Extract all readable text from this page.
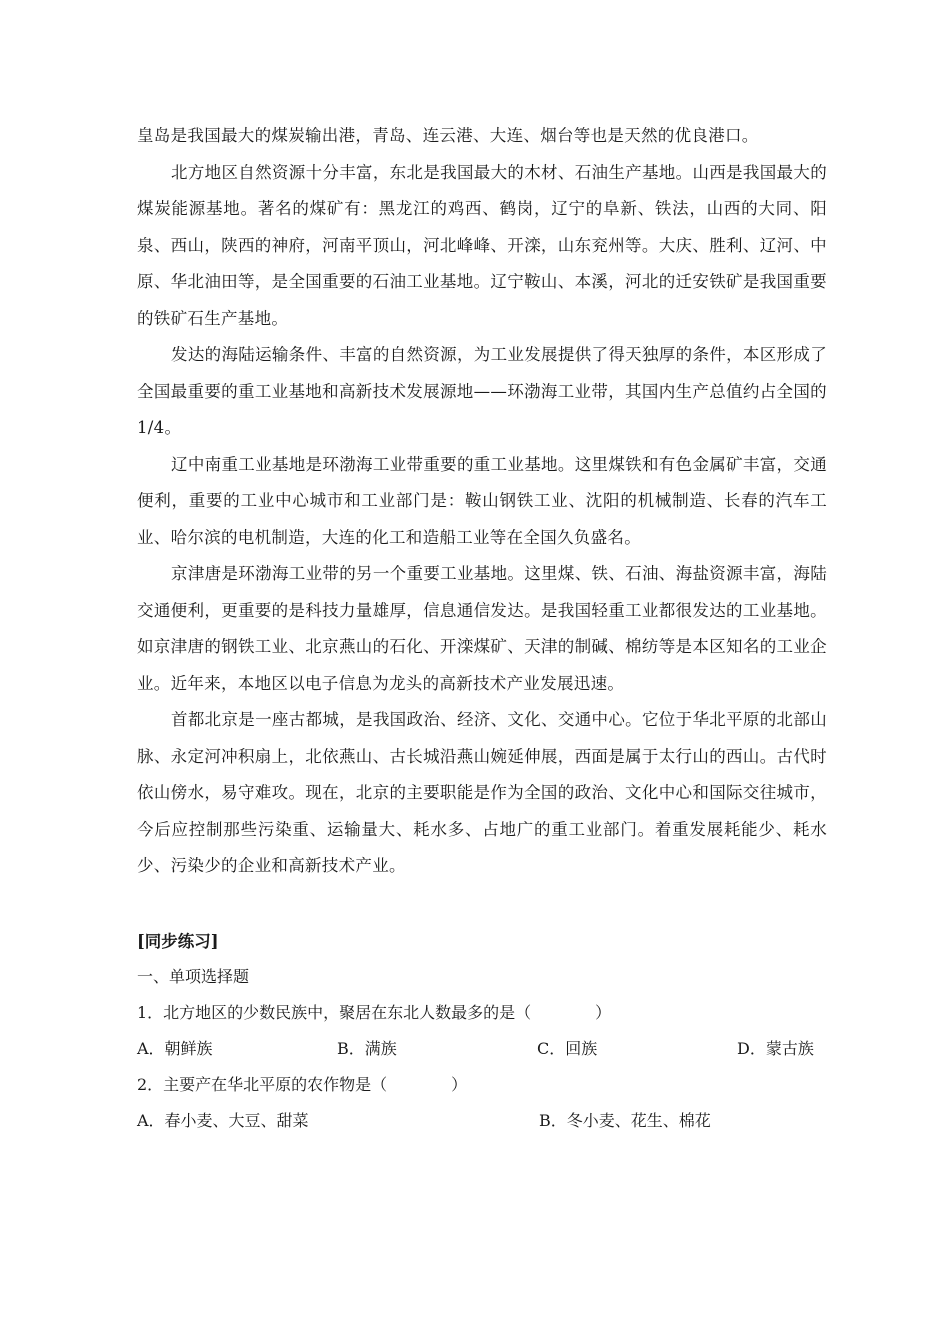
皇岛是我国最大的煤炭输出港，青岛、连云港、大连、烟台等也是天然的优良港口。

北方地区自然资源十分丰富，东北是我国最大的木材、石油生产基地。山西是我国最大的煤炭能源基地。著名的煤矿有：黑龙江的鸡西、鹤岗，辽宁的阜新、铁法，山西的大同、阳泉、西山，陕西的神府，河南平顶山，河北峰峰、开滦，山东兖州等。大庆、胜利、辽河、中原、华北油田等，是全国重要的石油工业基地。辽宁鞍山、本溪，河北的迁安铁矿是我国重要的铁矿石生产基地。

发达的海陆运输条件、丰富的自然资源，为工业发展提供了得天独厚的条件，本区形成了全国最重要的重工业基地和高新技术发展源地——环渤海工业带，其国内生产总值约占全国的1/4。

辽中南重工业基地是环渤海工业带重要的重工业基地。这里煤铁和有色金属矿丰富，交通便利，重要的工业中心城市和工业部门是：鞍山钢铁工业、沈阳的机械制造、长春的汽车工业、哈尔滨的电机制造，大连的化工和造船工业等在全国久负盛名。

京津唐是环渤海工业带的另一个重要工业基地。这里煤、铁、石油、海盐资源丰富，海陆交通便利，更重要的是科技力量雄厚，信息通信发达。是我国轻重工业都很发达的工业基地。如京津唐的钢铁工业、北京燕山的石化、开滦煤矿、天津的制碱、棉纺等是本区知名的工业企业。近年来，本地区以电子信息为龙头的高新技术产业发展迅速。

首都北京是一座古都城，是我国政治、经济、文化、交通中心。它位于华北平原的北部山脉、永定河冲积扇上，北依燕山、古长城沿燕山婉延伸展，西面是属于太行山的西山。古代时依山傍水，易守难攻。现在，北京的主要职能是作为全国的政治、文化中心和国际交往城市，今后应控制那些污染重、运输量大、耗水多、占地广的重工业部门。着重发展耗能少、耗水少、污染少的企业和高新技术产业。

[同步练习]
一、单项选择题
1．北方地区的少数民族中，聚居在东北人数最多的是（　　　　）
A．朝鲜族	B．满族	C．回族	D．蒙古族
2．主要产在华北平原的农作物是（　　　　）
A．春小麦、大豆、甜菜	B．冬小麦、花生、棉花
